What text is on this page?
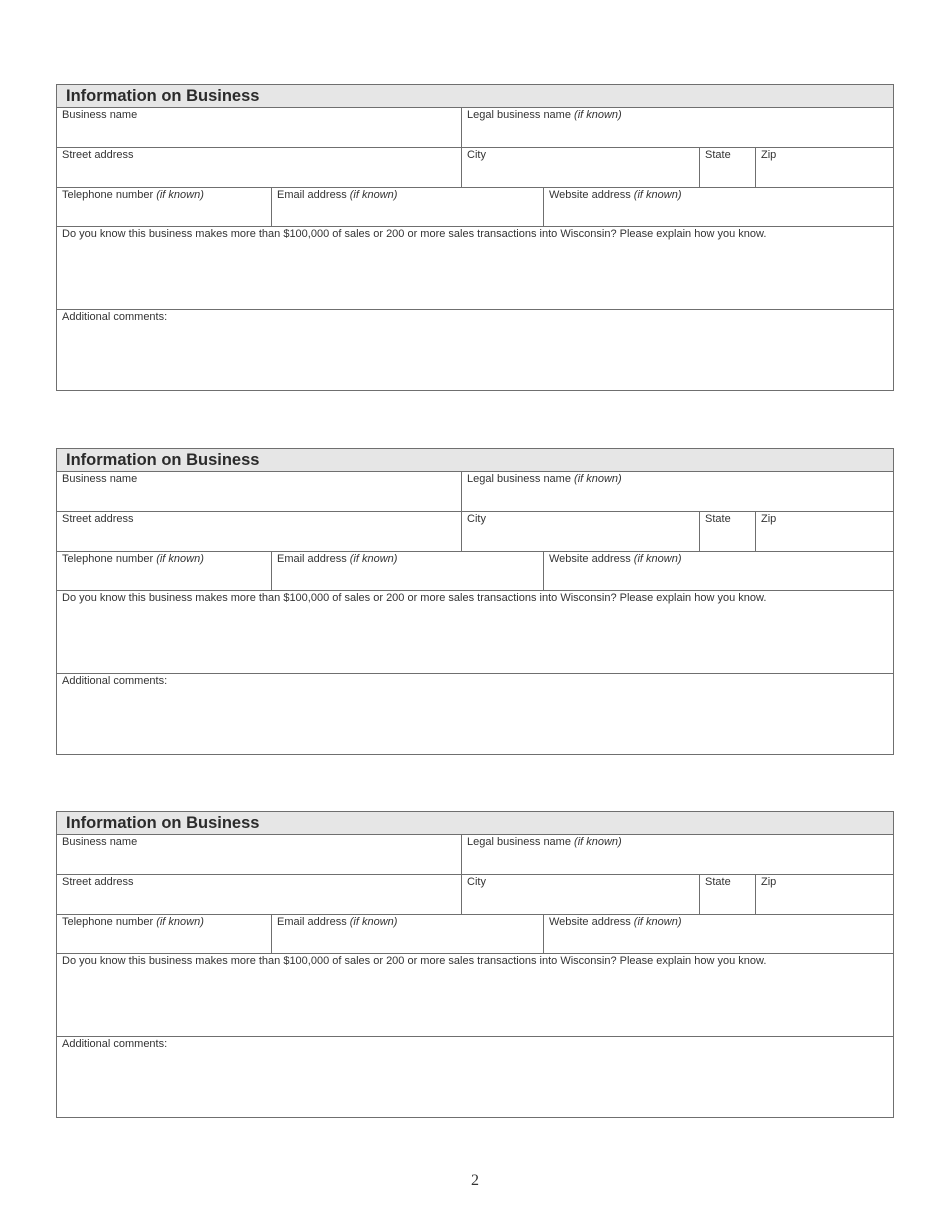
Information on Business
Business name	Legal business name (if known)
Street address	City	State	Zip
Telephone number (if known)	Email address (if known)	Website address (if known)
Do you know this business makes more than $100,000 of sales or 200 or more sales transactions into Wisconsin? Please explain how you know.
Additional comments:
Information on Business
Business name	Legal business name (if known)
Street address	City	State	Zip
Telephone number (if known)	Email address (if known)	Website address (if known)
Do you know this business makes more than $100,000 of sales or 200 or more sales transactions into Wisconsin? Please explain how you know.
Additional comments:
Information on Business
Business name	Legal business name (if known)
Street address	City	State	Zip
Telephone number (if known)	Email address (if known)	Website address (if known)
Do you know this business makes more than $100,000 of sales or 200 or more sales transactions into Wisconsin? Please explain how you know.
Additional comments:
2
